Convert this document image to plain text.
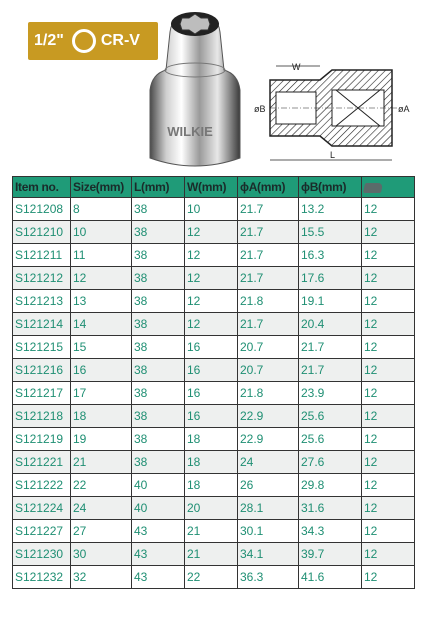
1/2" CR-V
WILKIE
W
L
øB	øA
Item no.	Size(mm)	L(mm)	W(mm)	ϕA(mm)	ϕB(mm)	
S121208	8	38	10	21.7	13.2	12
S121210	10	38	12	21.7	15.5	12
S121211	11	38	12	21.7	16.3	12
S121212	12	38	12	21.7	17.6	12
S121213	13	38	12	21.8	19.1	12
S121214	14	38	12	21.7	20.4	12
S121215	15	38	16	20.7	21.7	12
S121216	16	38	16	20.7	21.7	12
S121217	17	38	16	21.8	23.9	12
S121218	18	38	16	22.9	25.6	12
S121219	19	38	18	22.9	25.6	12
S121221	21	38	18	24	27.6	12
S121222	22	40	18	26	29.8	12
S121224	24	40	20	28.1	31.6	12
S121227	27	43	21	30.1	34.3	12
S121230	30	43	21	34.1	39.7	12
S121232	32	43	22	36.3	41.6	12
